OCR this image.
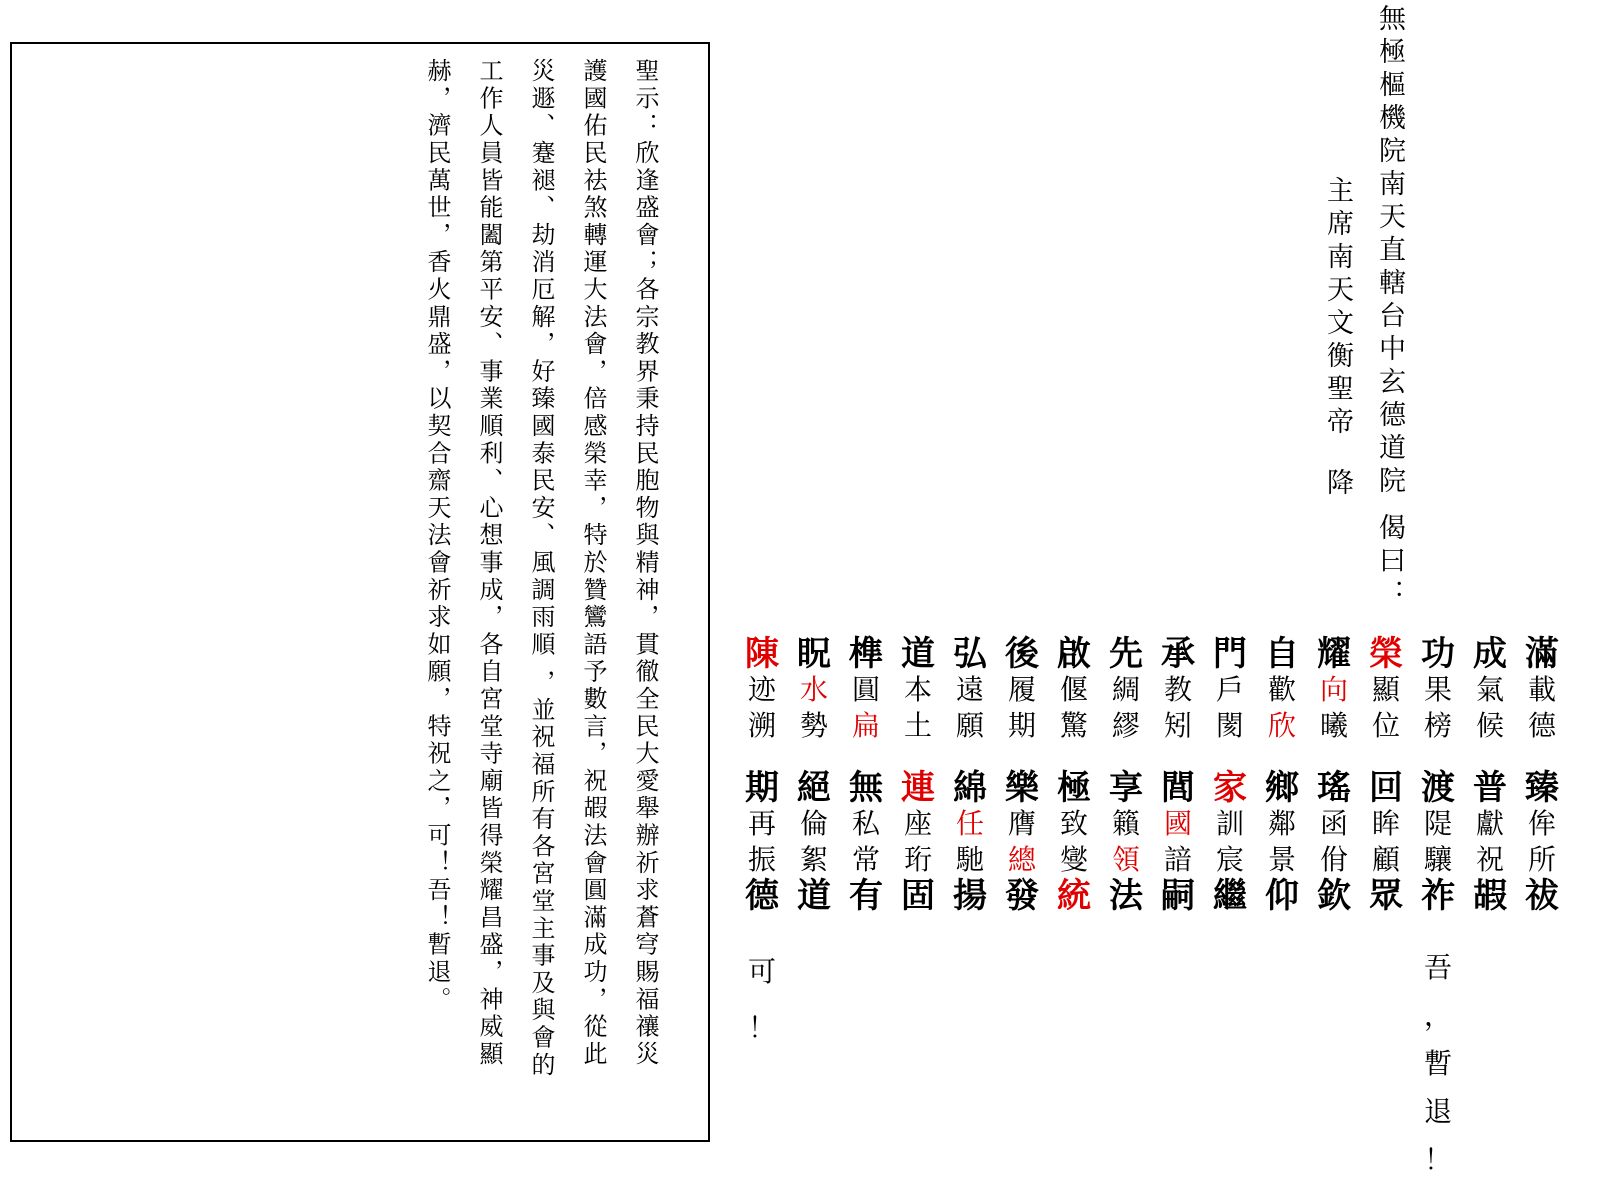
無極樞機院南天直轄台中玄德道院偈曰：
主席南天文衡聖帝降
滿
載
德
臻
侔
所
祓
成
氣
候
普
獻
祝
嘏
功
果
榜
渡
隄
驤
祚
吾
，
暫
退
！
榮
顯
位
回
眸
顧
眾
耀
向
曦
瑤
函
佾
欽
自
歡
欣
鄉
鄰
景
仰
門
戶
閡
家
訓
宸
繼
承
教
矧
閭
國
諳
嗣
先
綢
繆
享
籟
領
法
啟
偃
驚
極
致
燮
統
後
履
期
樂
膺
總
發
弘
遠
願
綿
任
馳
揚
道
本
土
連
座
珩
固
榫
圓
扁
無
私
常
有
眖
水
勢
絕
倫
絮
道
陳
迹
溯
期
再
振
德
可
！
聖示：欣逢盛會；各宗教界秉持民胞物與精神，貫徹全民大愛舉辦祈求蒼穹賜福禳災
護國佑民祛煞轉運大法會，倍感榮幸，特於贊鸞語予數言，祝嘏法會圓滿成功，從此
災遯、蹇褪、劫消厄解，好臻國泰民安、風調雨順 ，並祝福所有各宮堂主事及與會的
工作人員皆能闔第平安、事業順利、心想事成，各自宮堂寺廟皆得榮耀昌盛，神威顯
赫，濟民萬世，香火鼎盛，以契合齋天法會祈求如願，特祝之，可！吾！暫退。
